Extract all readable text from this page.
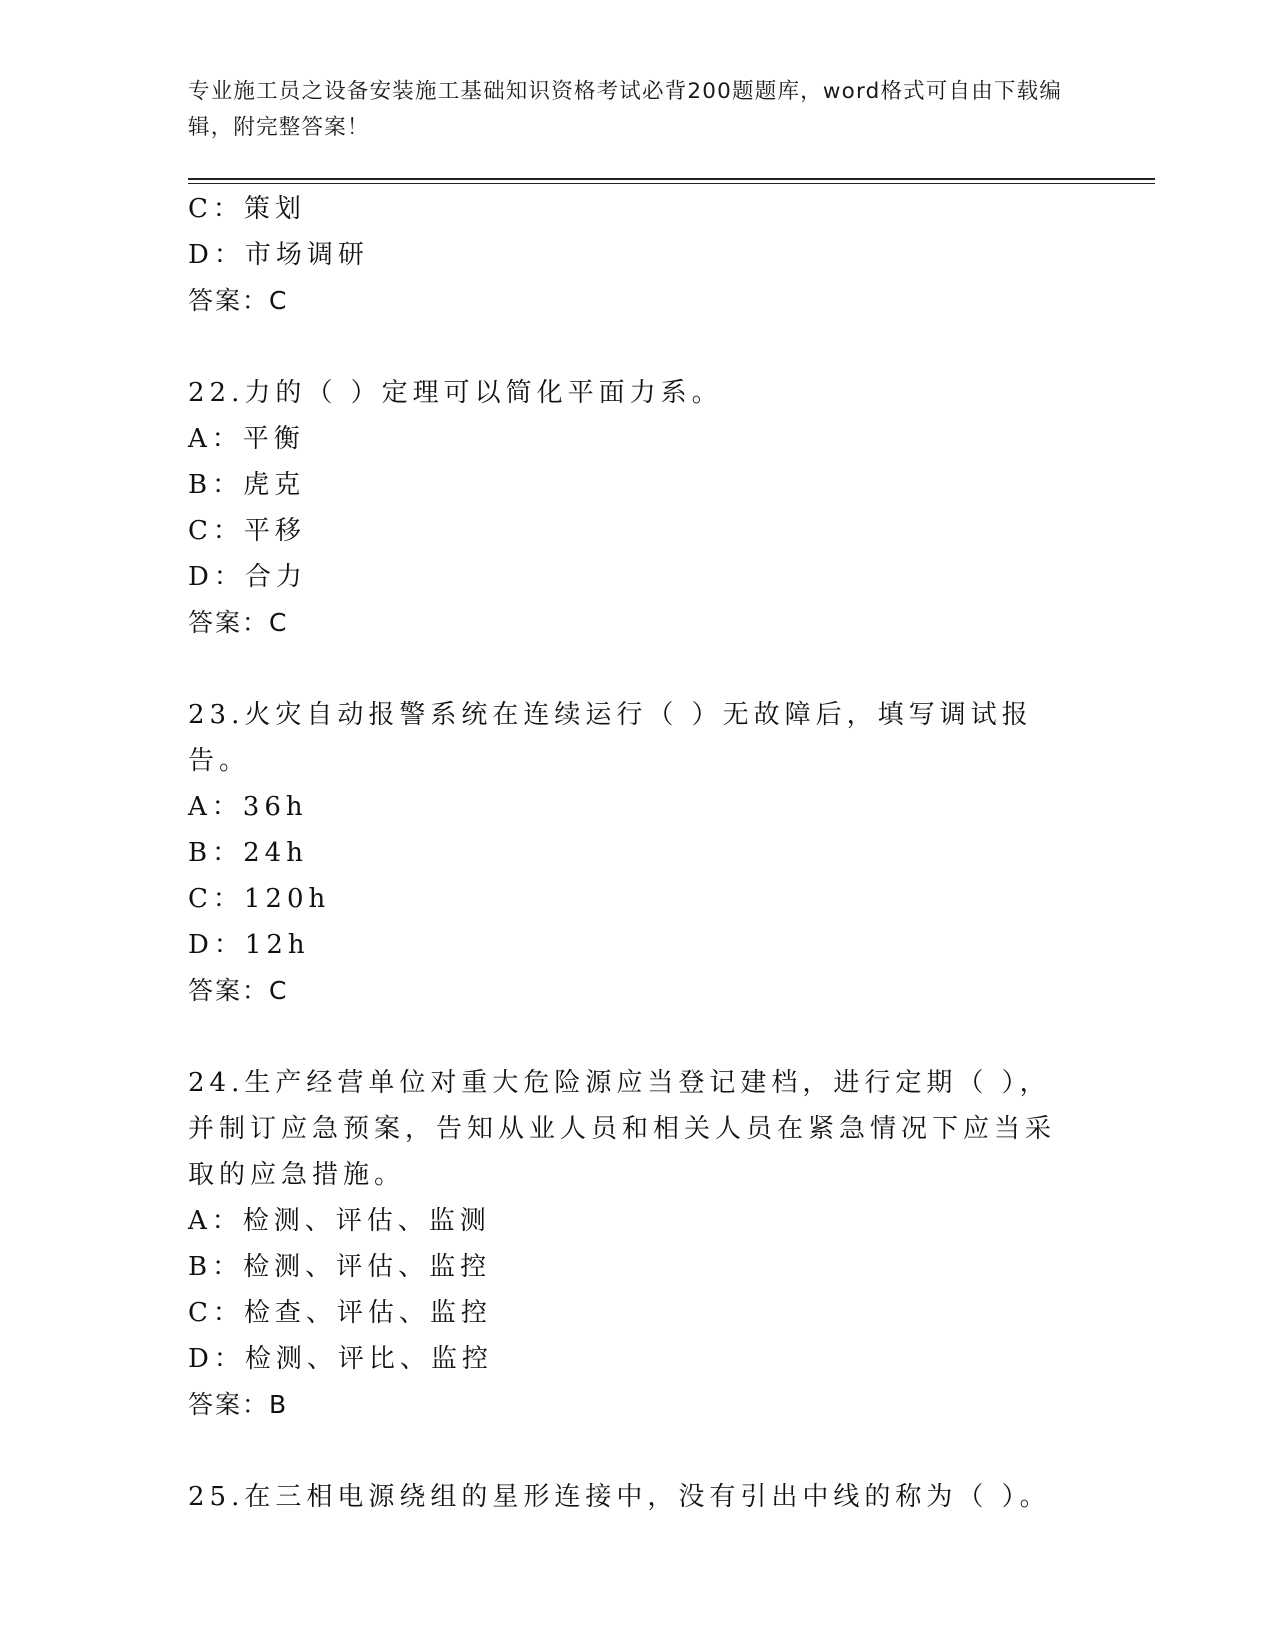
专业施工员之设备安装施工基础知识资格考试必背200题题库，word格式可自由下载编辑，附完整答案！
C：策划
D：市场调研
答案：C
22.力的（ ）定理可以简化平面力系。
A：平衡
B：虎克
C：平移
D：合力
答案：C
23.火灾自动报警系统在连续运行（ ）无故障后，填写调试报告。
A：36h
B：24h
C：120h
D：12h
答案：C
24.生产经营单位对重大危险源应当登记建档，进行定期（ ），并制订应急预案，告知从业人员和相关人员在紧急情况下应当采取的应急措施。
A：检测、评估、监测
B：检测、评估、监控
C：检查、评估、监控
D：检测、评比、监控
答案：B
25.在三相电源绕组的星形连接中，没有引出中线的称为（ ）。
